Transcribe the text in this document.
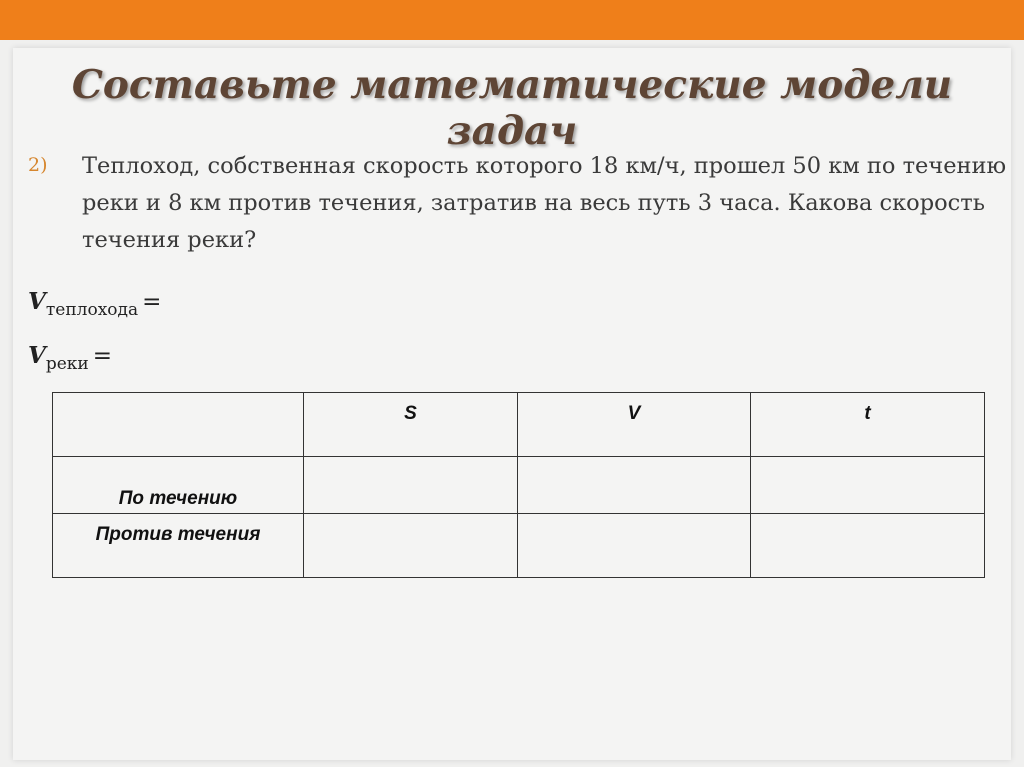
Составьте математические модели задач
2) Теплоход, собственная скорость которого 18 км/ч, прошел 50 км по течению реки и 8 км против течения, затратив на весь путь 3 часа. Какова скорость течения реки?

$V_{теплохода}$ =
$V_{реки}$ =
	S	V	t
По течению			
Против течения			
